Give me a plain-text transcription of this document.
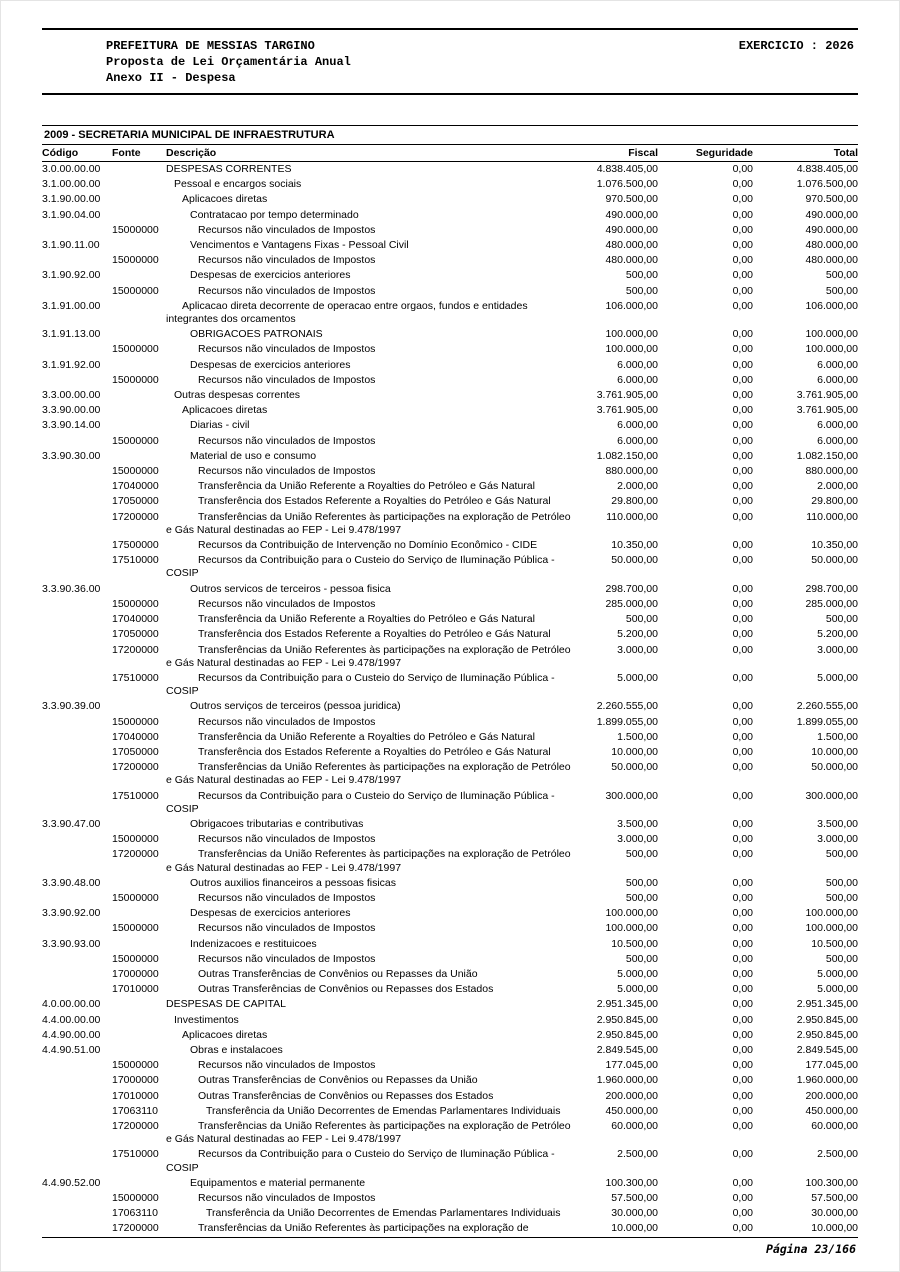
PREFEITURA DE MESSIAS TARGINO	EXERCICIO : 2026
Proposta de Lei Orçamentária Anual
Anexo II - Despesa
2009 - SECRETARIA MUNICIPAL DE INFRAESTRUTURA
Código	Fonte	Descrição	Fiscal	Seguridade	Total
3.0.00.00.00		DESPESAS CORRENTES	4.838.405,00	0,00	4.838.405,00
3.1.00.00.00		Pessoal e encargos sociais	1.076.500,00	0,00	1.076.500,00
3.1.90.00.00		Aplicacoes diretas	970.500,00	0,00	970.500,00
3.1.90.04.00		Contratacao por tempo determinado	490.000,00	0,00	490.000,00
	15000000	Recursos não vinculados de Impostos	490.000,00	0,00	490.000,00
3.1.90.11.00		Vencimentos e Vantagens Fixas - Pessoal Civil	480.000,00	0,00	480.000,00
	15000000	Recursos não vinculados de Impostos	480.000,00	0,00	480.000,00
3.1.90.92.00		Despesas de exercicios anteriores	500,00	0,00	500,00
	15000000	Recursos não vinculados de Impostos	500,00	0,00	500,00
3.1.91.00.00		Aplicacao direta decorrente de operacao entre orgaos, fundos e entidades integrantes dos orcamentos	106.000,00	0,00	106.000,00
3.1.91.13.00		OBRIGACOES PATRONAIS	100.000,00	0,00	100.000,00
	15000000	Recursos não vinculados de Impostos	100.000,00	0,00	100.000,00
3.1.91.92.00		Despesas de exercicios anteriores	6.000,00	0,00	6.000,00
	15000000	Recursos não vinculados de Impostos	6.000,00	0,00	6.000,00
3.3.00.00.00		Outras despesas correntes	3.761.905,00	0,00	3.761.905,00
3.3.90.00.00		Aplicacoes diretas	3.761.905,00	0,00	3.761.905,00
3.3.90.14.00		Diarias - civil	6.000,00	0,00	6.000,00
	15000000	Recursos não vinculados de Impostos	6.000,00	0,00	6.000,00
3.3.90.30.00		Material de uso e consumo	1.082.150,00	0,00	1.082.150,00
	15000000	Recursos não vinculados de Impostos	880.000,00	0,00	880.000,00
	17040000	Transferência da União Referente a Royalties do Petróleo e Gás Natural	2.000,00	0,00	2.000,00
	17050000	Transferência dos Estados Referente a Royalties do Petróleo e Gás Natural	29.800,00	0,00	29.800,00
	17200000	Transferências da União Referentes às participações na exploração de Petróleo e Gás Natural destinadas ao FEP - Lei 9.478/1997	110.000,00	0,00	110.000,00
	17500000	Recursos da Contribuição de Intervenção no Domínio Econômico - CIDE	10.350,00	0,00	10.350,00
	17510000	Recursos da Contribuição para o Custeio do Serviço de Iluminação Pública - COSIP	50.000,00	0,00	50.000,00
3.3.90.36.00		Outros servicos de terceiros - pessoa fisica	298.700,00	0,00	298.700,00
	15000000	Recursos não vinculados de Impostos	285.000,00	0,00	285.000,00
	17040000	Transferência da União Referente a Royalties do Petróleo e Gás Natural	500,00	0,00	500,00
	17050000	Transferência dos Estados Referente a Royalties do Petróleo e Gás Natural	5.200,00	0,00	5.200,00
	17200000	Transferências da União Referentes às participações na exploração de Petróleo e Gás Natural destinadas ao FEP - Lei 9.478/1997	3.000,00	0,00	3.000,00
	17510000	Recursos da Contribuição para o Custeio do Serviço de Iluminação Pública - COSIP	5.000,00	0,00	5.000,00
3.3.90.39.00		Outros serviços de terceiros (pessoa juridica)	2.260.555,00	0,00	2.260.555,00
	15000000	Recursos não vinculados de Impostos	1.899.055,00	0,00	1.899.055,00
	17040000	Transferência da União Referente a Royalties do Petróleo e Gás Natural	1.500,00	0,00	1.500,00
	17050000	Transferência dos Estados Referente a Royalties do Petróleo e Gás Natural	10.000,00	0,00	10.000,00
	17200000	Transferências da União Referentes às participações na exploração de Petróleo e Gás Natural destinadas ao FEP - Lei 9.478/1997	50.000,00	0,00	50.000,00
	17510000	Recursos da Contribuição para o Custeio do Serviço de Iluminação Pública - COSIP	300.000,00	0,00	300.000,00
3.3.90.47.00		Obrigacoes tributarias e contributivas	3.500,00	0,00	3.500,00
	15000000	Recursos não vinculados de Impostos	3.000,00	0,00	3.000,00
	17200000	Transferências da União Referentes às participações na exploração de Petróleo e Gás Natural destinadas ao FEP - Lei 9.478/1997	500,00	0,00	500,00
3.3.90.48.00		Outros auxilios financeiros a pessoas fisicas	500,00	0,00	500,00
	15000000	Recursos não vinculados de Impostos	500,00	0,00	500,00
3.3.90.92.00		Despesas de exercicios anteriores	100.000,00	0,00	100.000,00
	15000000	Recursos não vinculados de Impostos	100.000,00	0,00	100.000,00
3.3.90.93.00		Indenizacoes e restituicoes	10.500,00	0,00	10.500,00
	15000000	Recursos não vinculados de Impostos	500,00	0,00	500,00
	17000000	Outras Transferências de Convênios ou Repasses da União	5.000,00	0,00	5.000,00
	17010000	Outras Transferências de Convênios ou Repasses dos Estados	5.000,00	0,00	5.000,00
4.0.00.00.00		DESPESAS DE CAPITAL	2.951.345,00	0,00	2.951.345,00
4.4.00.00.00		Investimentos	2.950.845,00	0,00	2.950.845,00
4.4.90.00.00		Aplicacoes diretas	2.950.845,00	0,00	2.950.845,00
4.4.90.51.00		Obras e instalacoes	2.849.545,00	0,00	2.849.545,00
	15000000	Recursos não vinculados de Impostos	177.045,00	0,00	177.045,00
	17000000	Outras Transferências de Convênios ou Repasses da União	1.960.000,00	0,00	1.960.000,00
	17010000	Outras Transferências de Convênios ou Repasses dos Estados	200.000,00	0,00	200.000,00
	17063110	Transferência da União Decorrentes de Emendas Parlamentares Individuais	450.000,00	0,00	450.000,00
	17200000	Transferências da União Referentes às participações na exploração de Petróleo e Gás Natural destinadas ao FEP - Lei 9.478/1997	60.000,00	0,00	60.000,00
	17510000	Recursos da Contribuição para o Custeio do Serviço de Iluminação Pública - COSIP	2.500,00	0,00	2.500,00
4.4.90.52.00		Equipamentos e material permanente	100.300,00	0,00	100.300,00
	15000000	Recursos não vinculados de Impostos	57.500,00	0,00	57.500,00
	17063110	Transferência da União Decorrentes de Emendas Parlamentares Individuais	30.000,00	0,00	30.000,00
	17200000	Transferências da União Referentes às participações na exploração de	10.000,00	0,00	10.000,00
Página 23/166
